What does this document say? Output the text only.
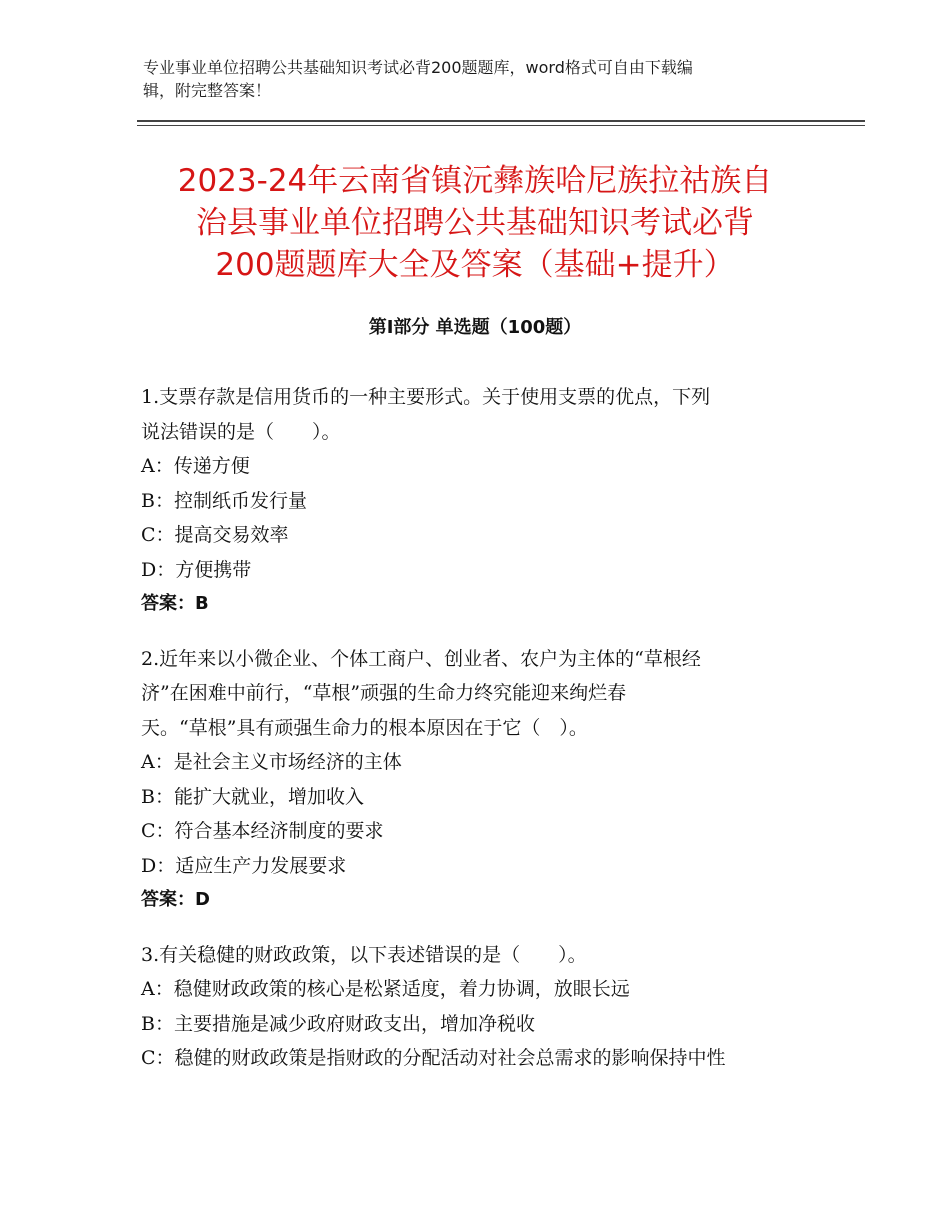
专业事业单位招聘公共基础知识考试必背200题题库，word格式可自由下载编
辑，附完整答案！
2023-24年云南省镇沅彝族哈尼族拉祜族自
治县事业单位招聘公共基础知识考试必背
200题题库大全及答案（基础+提升）
第Ⅰ部分 单选题（100题）
1.支票存款是信用货币的一种主要形式。关于使用支票的优点，下列
说法错误的是（　　）。
A：传递方便
B：控制纸币发行量
C：提高交易效率
D：方便携带
答案：B
2.近年来以小微企业、个体工商户、创业者、农户为主体的“草根经
济”在困难中前行，“草根”顽强的生命力终究能迎来绚烂春
天。“草根”具有顽强生命力的根本原因在于它（　）。
A：是社会主义市场经济的主体
B：能扩大就业，增加收入
C：符合基本经济制度的要求
D：适应生产力发展要求
答案：D
3.有关稳健的财政政策，以下表述错误的是（　　）。
A：稳健财政政策的核心是松紧适度，着力协调，放眼长远
B：主要措施是减少政府财政支出，增加净税收
C：稳健的财政政策是指财政的分配活动对社会总需求的影响保持中性
